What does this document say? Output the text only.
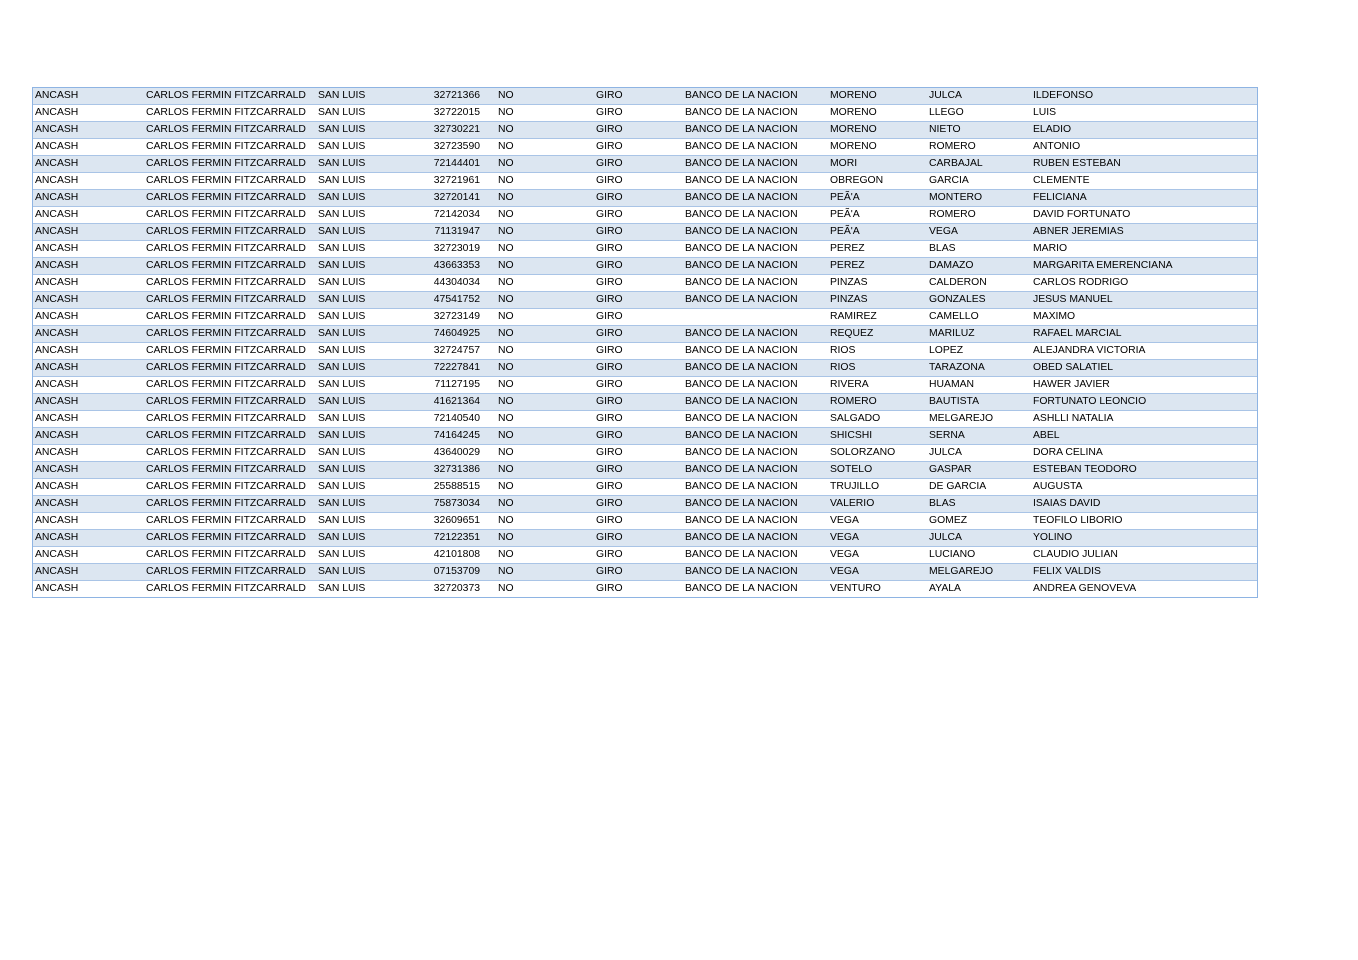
ANCASH	CARLOS FERMIN FITZCARRALD	SAN LUIS	32721366	NO	GIRO	BANCO DE LA NACION	MORENO	JULCA	ILDEFONSO
ANCASH	CARLOS FERMIN FITZCARRALD	SAN LUIS	32722015	NO	GIRO	BANCO DE LA NACION	MORENO	LLEGO	LUIS
ANCASH	CARLOS FERMIN FITZCARRALD	SAN LUIS	32730221	NO	GIRO	BANCO DE LA NACION	MORENO	NIETO	ELADIO
ANCASH	CARLOS FERMIN FITZCARRALD	SAN LUIS	32723590	NO	GIRO	BANCO DE LA NACION	MORENO	ROMERO	ANTONIO
ANCASH	CARLOS FERMIN FITZCARRALD	SAN LUIS	72144401	NO	GIRO	BANCO DE LA NACION	MORI	CARBAJAL	RUBEN ESTEBAN
ANCASH	CARLOS FERMIN FITZCARRALD	SAN LUIS	32721961	NO	GIRO	BANCO DE LA NACION	OBREGON	GARCIA	CLEMENTE
ANCASH	CARLOS FERMIN FITZCARRALD	SAN LUIS	32720141	NO	GIRO	BANCO DE LA NACION	PEÃ'A	MONTERO	FELICIANA
ANCASH	CARLOS FERMIN FITZCARRALD	SAN LUIS	72142034	NO	GIRO	BANCO DE LA NACION	PEÃ'A	ROMERO	DAVID FORTUNATO
ANCASH	CARLOS FERMIN FITZCARRALD	SAN LUIS	71131947	NO	GIRO	BANCO DE LA NACION	PEÃ'A	VEGA	ABNER JEREMIAS
ANCASH	CARLOS FERMIN FITZCARRALD	SAN LUIS	32723019	NO	GIRO	BANCO DE LA NACION	PEREZ	BLAS	MARIO
ANCASH	CARLOS FERMIN FITZCARRALD	SAN LUIS	43663353	NO	GIRO	BANCO DE LA NACION	PEREZ	DAMAZO	MARGARITA EMERENCIANA
ANCASH	CARLOS FERMIN FITZCARRALD	SAN LUIS	44304034	NO	GIRO	BANCO DE LA NACION	PINZAS	CALDERON	CARLOS RODRIGO
ANCASH	CARLOS FERMIN FITZCARRALD	SAN LUIS	47541752	NO	GIRO	BANCO DE LA NACION	PINZAS	GONZALES	JESUS MANUEL
ANCASH	CARLOS FERMIN FITZCARRALD	SAN LUIS	32723149	NO	GIRO		RAMIREZ	CAMELLO	MAXIMO
ANCASH	CARLOS FERMIN FITZCARRALD	SAN LUIS	74604925	NO	GIRO	BANCO DE LA NACION	REQUEZ	MARILUZ	RAFAEL MARCIAL
ANCASH	CARLOS FERMIN FITZCARRALD	SAN LUIS	32724757	NO	GIRO	BANCO DE LA NACION	RIOS	LOPEZ	ALEJANDRA VICTORIA
ANCASH	CARLOS FERMIN FITZCARRALD	SAN LUIS	72227841	NO	GIRO	BANCO DE LA NACION	RIOS	TARAZONA	OBED SALATIEL
ANCASH	CARLOS FERMIN FITZCARRALD	SAN LUIS	71127195	NO	GIRO	BANCO DE LA NACION	RIVERA	HUAMAN	HAWER JAVIER
ANCASH	CARLOS FERMIN FITZCARRALD	SAN LUIS	41621364	NO	GIRO	BANCO DE LA NACION	ROMERO	BAUTISTA	FORTUNATO LEONCIO
ANCASH	CARLOS FERMIN FITZCARRALD	SAN LUIS	72140540	NO	GIRO	BANCO DE LA NACION	SALGADO	MELGAREJO	ASHLLI NATALIA
ANCASH	CARLOS FERMIN FITZCARRALD	SAN LUIS	74164245	NO	GIRO	BANCO DE LA NACION	SHICSHI	SERNA	ABEL
ANCASH	CARLOS FERMIN FITZCARRALD	SAN LUIS	43640029	NO	GIRO	BANCO DE LA NACION	SOLORZANO	JULCA	DORA CELINA
ANCASH	CARLOS FERMIN FITZCARRALD	SAN LUIS	32731386	NO	GIRO	BANCO DE LA NACION	SOTELO	GASPAR	ESTEBAN TEODORO
ANCASH	CARLOS FERMIN FITZCARRALD	SAN LUIS	25588515	NO	GIRO	BANCO DE LA NACION	TRUJILLO	DE GARCIA	AUGUSTA
ANCASH	CARLOS FERMIN FITZCARRALD	SAN LUIS	75873034	NO	GIRO	BANCO DE LA NACION	VALERIO	BLAS	ISAIAS DAVID
ANCASH	CARLOS FERMIN FITZCARRALD	SAN LUIS	32609651	NO	GIRO	BANCO DE LA NACION	VEGA	GOMEZ	TEOFILO LIBORIO
ANCASH	CARLOS FERMIN FITZCARRALD	SAN LUIS	72122351	NO	GIRO	BANCO DE LA NACION	VEGA	JULCA	YOLINO
ANCASH	CARLOS FERMIN FITZCARRALD	SAN LUIS	42101808	NO	GIRO	BANCO DE LA NACION	VEGA	LUCIANO	CLAUDIO JULIAN
ANCASH	CARLOS FERMIN FITZCARRALD	SAN LUIS	07153709	NO	GIRO	BANCO DE LA NACION	VEGA	MELGAREJO	FELIX VALDIS
ANCASH	CARLOS FERMIN FITZCARRALD	SAN LUIS	32720373	NO	GIRO	BANCO DE LA NACION	VENTURO	AYALA	ANDREA GENOVEVA
